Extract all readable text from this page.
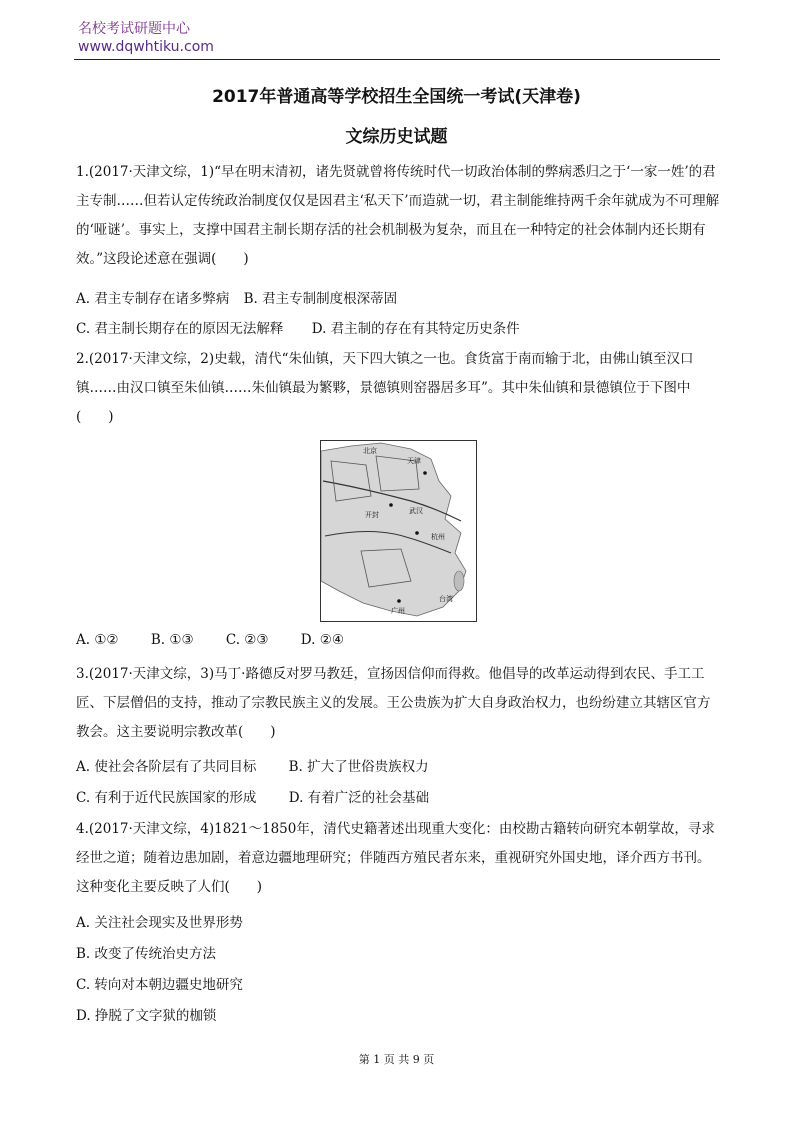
名校考试研题中心
www.dqwhtiku.com
2017年普通高等学校招生全国统一考试(天津卷)
文综历史试题
1.(2017·天津文综，1)“早在明末清初，诸先贤就曾将传统时代一切政治体制的弊病悉归之于‘一家一姓’的君主专制……但若认定传统政治制度仅仅是因君主‘私天下’而造就一切，君主制能维持两千余年就成为不可理解的‘哑谜’。事实上，支撑中国君主制长期存活的社会机制极为复杂，而且在一种特定的社会体制内还长期有效。”这段论述意在强调(　　)
A. 君主专制存在诸多弊病 B. 君主专制制度根深蒂固
C. 君主制长期存在的原因无法解释 D. 君主制的存在有其特定历史条件
2.(2017·天津文综，2)史载，清代“朱仙镇，天下四大镇之一也。食货富于南而输于北，由佛山镇至汉口镇……由汉口镇至朱仙镇……朱仙镇最为繁夥，景德镇则窑器居多耳”。其中朱仙镇和景德镇位于下图中(　　)
北京
天津
开封	武汉
杭州
广州
台湾
A. ①② B. ①③ C. ②③ D. ②④
3.(2017·天津文综，3)马丁·路德反对罗马教廷，宣扬因信仰而得救。他倡导的改革运动得到农民、手工工匠、下层僧侣的支持，推动了宗教民族主义的发展。王公贵族为扩大自身政治权力，也纷纷建立其辖区官方教会。这主要说明宗教改革(　　)
A. 使社会各阶层有了共同目标 B. 扩大了世俗贵族权力
C. 有利于近代民族国家的形成 D. 有着广泛的社会基础
4.(2017·天津文综，4)1821～1850年，清代史籍著述出现重大变化：由校勘古籍转向研究本朝掌故，寻求经世之道；随着边患加剧，着意边疆地理研究；伴随西方殖民者东来，重视研究外国史地，译介西方书刊。这种变化主要反映了人们(　　)
A. 关注社会现实及世界形势
B. 改变了传统治史方法
C. 转向对本朝边疆史地研究
D. 挣脱了文字狱的枷锁
第 1 页 共 9 页
